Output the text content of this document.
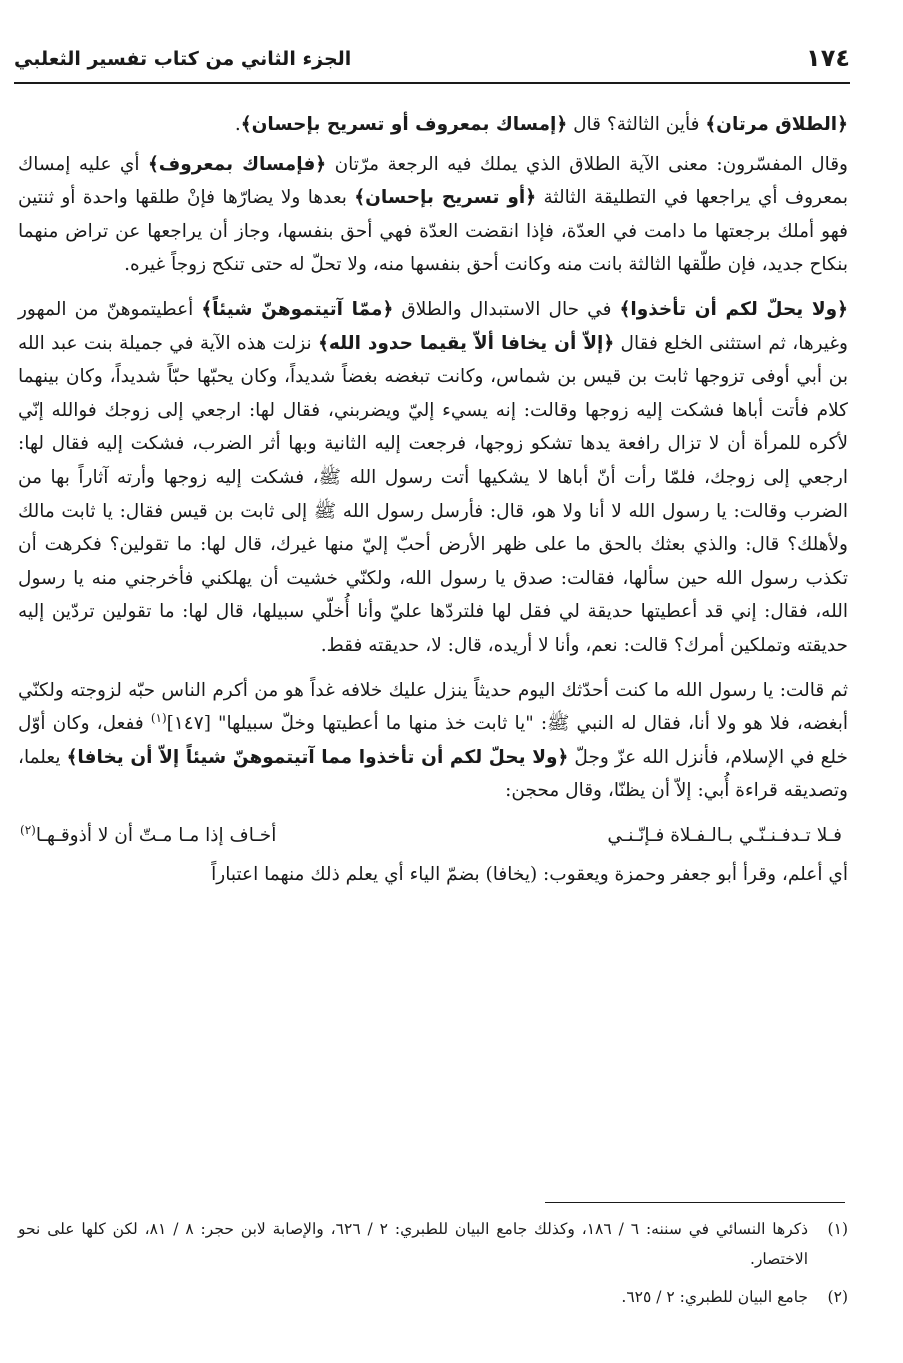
١٧٤
الجزء الثاني من كتاب تفسير الثعلبي

﴿الطلاق مرتان﴾ فأين الثالثة؟ قال ﴿إمساك بمعروف أو تسريح بإحسان﴾.

وقال المفسّرون: معنى الآية الطلاق الذي يملك فيه الرجعة مرّتان ﴿فإمساك بمعروف﴾ أي عليه إمساك بمعروف أي يراجعها في التطليقة الثالثة ﴿أو تسريح بإحسان﴾ بعدها ولا يضارّها فإنْ طلقها واحدة أو ثنتين فهو أملك برجعتها ما دامت في العدّة، فإذا انقضت العدّة فهي أحق بنفسها، وجاز أن يراجعها عن تراض منهما بنكاح جديد، فإن طلّقها الثالثة بانت منه وكانت أحق بنفسها منه، ولا تحلّ له حتى تنكح زوجاً غيره.

﴿ولا يحلّ لكم أن تأخذوا﴾ في حال الاستبدال والطلاق ﴿ممّا آتيتموهنّ شيئاً﴾ أعطيتموهنّ من المهور وغيرها، ثم استثنى الخلع فقال ﴿إلاّ أن يخافا ألاّ يقيما حدود الله﴾ نزلت هذه الآية في جميلة بنت عبد الله بن أبي أوفى تزوجها ثابت بن قيس بن شماس، وكانت تبغضه بغضاً شديداً، وكان يحبّها حبّاً شديداً، وكان بينهما كلام فأتت أباها فشكت إليه زوجها وقالت: إنه يسيء إليّ ويضربني، فقال لها: ارجعي إلى زوجك فوالله إنّي لأكره للمرأة أن لا تزال رافعة يدها تشكو زوجها، فرجعت إليه الثانية وبها أثر الضرب، فشكت إليه فقال لها: ارجعي إلى زوجك، فلمّا رأت أنّ أباها لا يشكيها أتت رسول الله ﷺ، فشكت إليه زوجها وأرته آثاراً بها من الضرب وقالت: يا رسول الله لا أنا ولا هو، قال: فأرسل رسول الله ﷺ إلى ثابت بن قيس فقال: يا ثابت مالك ولأهلك؟ قال: والذي بعثك بالحق ما على ظهر الأرض أحبّ إليّ منها غيرك، قال لها: ما تقولين؟ فكرهت أن تكذب رسول الله حين سألها، فقالت: صدق يا رسول الله، ولكنّي خشيت أن يهلكني فأخرجني منه يا رسول الله، فقال: إني قد أعطيتها حديقة لي فقل لها فلتردّها عليّ وأنا أُخلّي سبيلها، قال لها: ما تقولين تردّين إليه حديقته وتملكين أمرك؟ قالت: نعم، وأنا لا أريده، قال: لا، حديقته فقط.

ثم قالت: يا رسول الله ما كنت أحدّثك اليوم حديثاً ينزل عليك خلافه غداً هو من أكرم الناس حبّه لزوجته ولكنّي أبغضه، فلا هو ولا أنا، فقال له النبي ﷺ: "يا ثابت خذ منها ما أعطيتها وخلّ سبيلها" [١٤٧]$^{(١)}$ ففعل، وكان أوّل خلع في الإسلام، فأنزل الله عزّ وجلّ ﴿ولا يحلّ لكم أن تأخذوا مما آتيتموهنّ شيئاً إلاّ أن يخافا﴾ يعلما، وتصديقه قراءة أُبي: إلاّ أن يظنّا، وقال محجن:

فـلا تـدفـنـنّـي بـالـفـلاة فـإنّـنـي
أخـاف إذا مـا مـتّ أن لا أذوقـهـا$^{(٢)}$

أي أعلم، وقرأ أبو جعفر وحمزة ويعقوب: (يخافا) بضمّ الياء أي يعلم ذلك منهما اعتباراً

(١)
ذكرها النسائي في سننه: ٦ / ١٨٦، وكذلك جامع البيان للطبري: ٢ / ٦٢٦، والإصابة لابن حجر: ٨ / ٨١، لكن كلها على نحو الاختصار.
(٢)
جامع البيان للطبري: ٢ / ٦٢٥.
